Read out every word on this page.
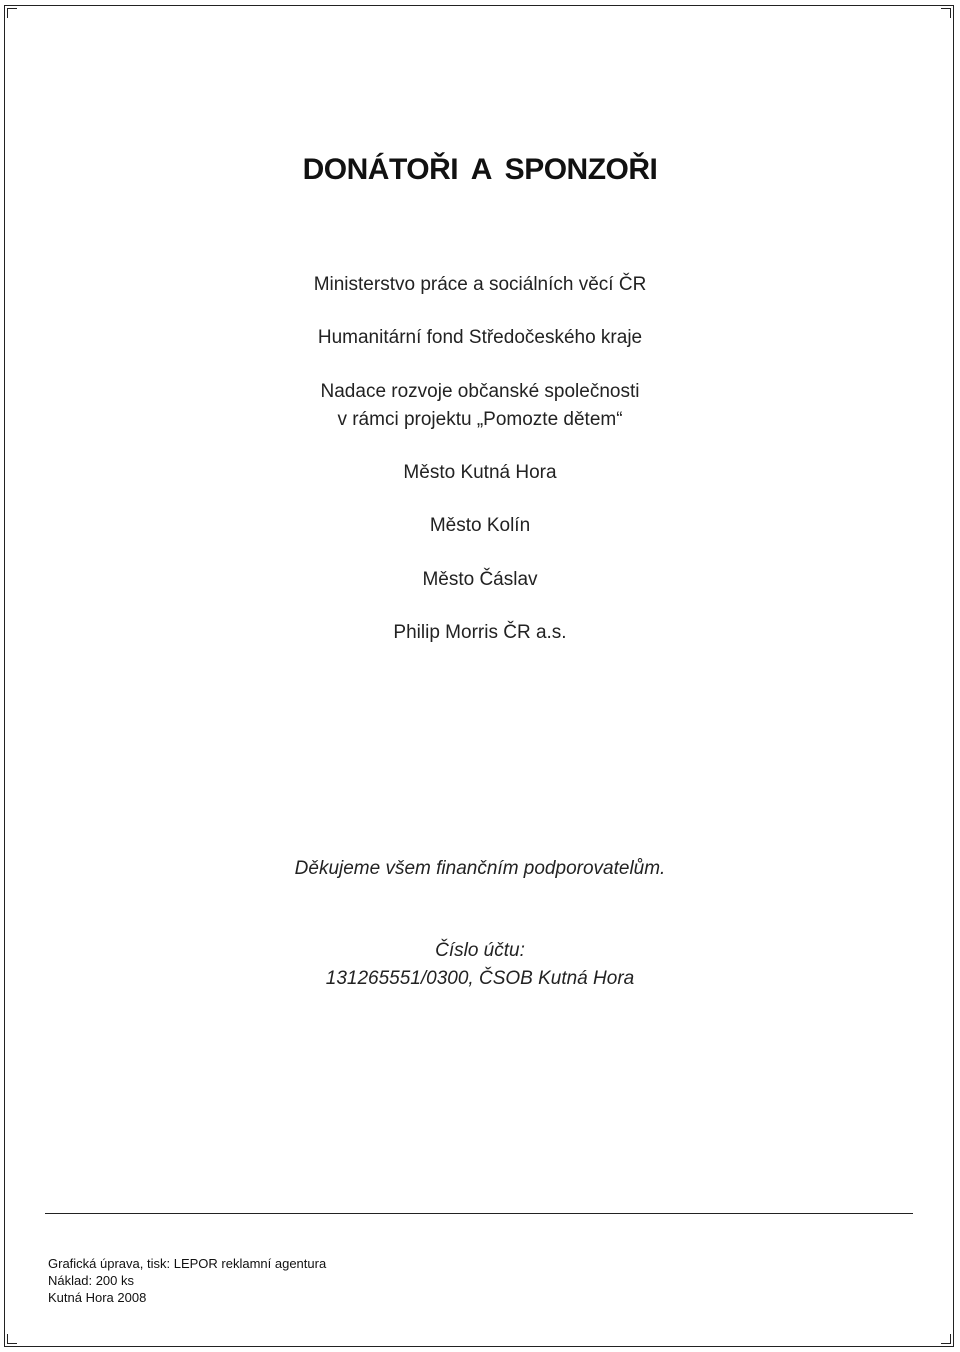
DONÁTOŘI A SPONZOŘI

Ministerstvo práce a sociálních věcí ČR

Humanitární fond Středočeského kraje

Nadace rozvoje občanské společnosti

v rámci projektu „Pomozte dětem“

Město Kutná Hora

Město Kolín

Město Čáslav

Philip Morris ČR a.s.

Děkujeme všem finančním podporovatelům.

Číslo účtu:
131265551/0300, ČSOB Kutná Hora

Grafická úprava, tisk: LEPOR reklamní agentura
Náklad: 200 ks
Kutná Hora 2008
